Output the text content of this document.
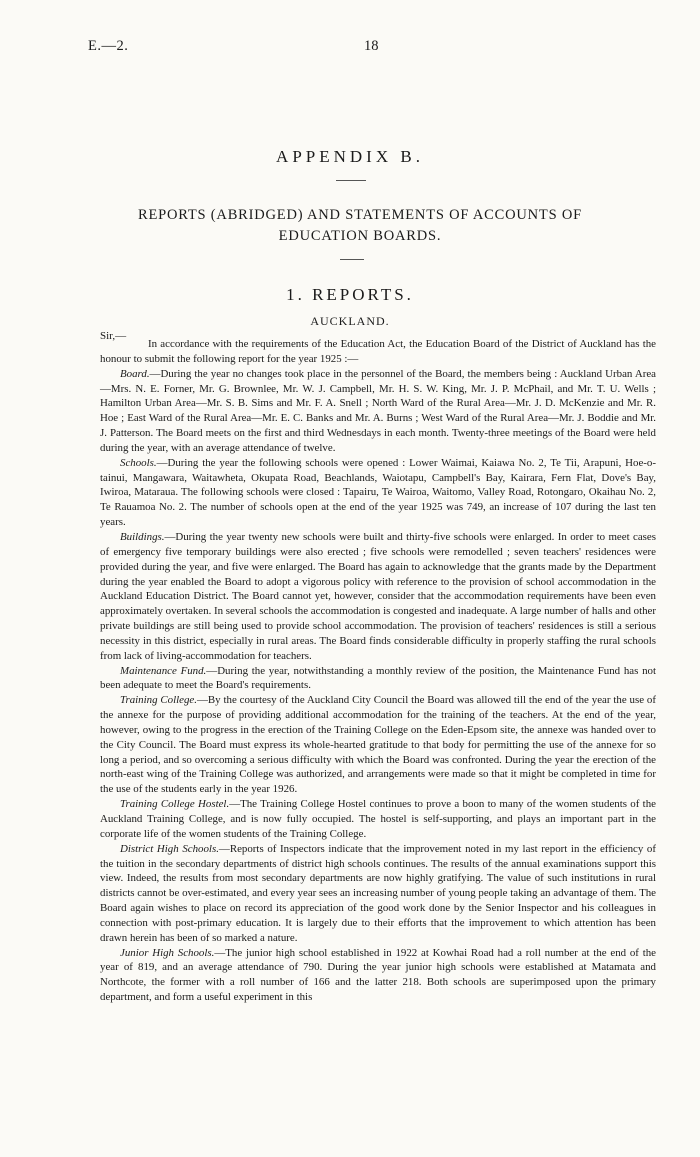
E.—2.	18
APPENDIX B.
REPORTS (ABRIDGED) AND STATEMENTS OF ACCOUNTS OF EDUCATION BOARDS.
1. REPORTS.
AUCKLAND.
Sir,—

In accordance with the requirements of the Education Act, the Education Board of the District of Auckland has the honour to submit the following report for the year 1925 :—

Board.—During the year no changes took place in the personnel of the Board, the members being : Auckland Urban Area—Mrs. N. E. Forner, Mr. G. Brownlee, Mr. W. J. Campbell, Mr. H. S. W. King, Mr. J. P. McPhail, and Mr. T. U. Wells ; Hamilton Urban Area—Mr. S. B. Sims and Mr. F. A. Snell ; North Ward of the Rural Area—Mr. J. D. McKenzie and Mr. R. Hoe ; East Ward of the Rural Area—Mr. E. C. Banks and Mr. A. Burns ; West Ward of the Rural Area—Mr. J. Boddie and Mr. J. Patterson. The Board meets on the first and third Wednesdays in each month. Twenty-three meetings of the Board were held during the year, with an average attendance of twelve.

Schools.—During the year the following schools were opened : Lower Waimai, Kaiawa No. 2, Te Tii, Arapuni, Hoe-o-tainui, Mangawara, Waitawheta, Okupata Road, Beachlands, Waiotapu, Campbell's Bay, Kairara, Fern Flat, Dove's Bay, Iwiroa, Mataraua. The following schools were closed : Tapairu, Te Wairoa, Waitomo, Valley Road, Rotongaro, Okaihau No. 2, Te Rauamoa No. 2. The number of schools open at the end of the year 1925 was 749, an increase of 107 during the last ten years.

Buildings.—During the year twenty new schools were built and thirty-five schools were enlarged. In order to meet cases of emergency five temporary buildings were also erected ; five schools were remodelled ; seven teachers' residences were provided during the year, and five were enlarged. The Board has again to acknowledge that the grants made by the Department during the year enabled the Board to adopt a vigorous policy with reference to the provision of school accommodation in the Auckland Education District. The Board cannot yet, however, consider that the accommodation requirements have been even approximately overtaken. In several schools the accommodation is congested and inadequate. A large number of halls and other private buildings are still being used to provide school accommodation. The provision of teachers' residences is still a serious necessity in this district, especially in rural areas. The Board finds considerable difficulty in properly staffing the rural schools from lack of living-accommodation for teachers.

Maintenance Fund.—During the year, notwithstanding a monthly review of the position, the Maintenance Fund has not been adequate to meet the Board's requirements.

Training College.—By the courtesy of the Auckland City Council the Board was allowed till the end of the year the use of the annexe for the purpose of providing additional accommodation for the training of the teachers. At the end of the year, however, owing to the progress in the erection of the Training College on the Eden-Epsom site, the annexe was handed over to the City Council. The Board must express its whole-hearted gratitude to that body for permitting the use of the annexe for so long a period, and so overcoming a serious difficulty with which the Board was confronted. During the year the erection of the north-east wing of the Training College was authorized, and arrangements were made so that it might be completed in time for the use of the students early in the year 1926.

Training College Hostel.—The Training College Hostel continues to prove a boon to many of the women students of the Auckland Training College, and is now fully occupied. The hostel is self-supporting, and plays an important part in the corporate life of the women students of the Training College.

District High Schools.—Reports of Inspectors indicate that the improvement noted in my last report in the efficiency of the tuition in the secondary departments of district high schools continues. The results of the annual examinations support this view. Indeed, the results from most secondary departments are now highly gratifying. The value of such institutions in rural districts cannot be over-estimated, and every year sees an increasing number of young people taking an advantage of them. The Board again wishes to place on record its appreciation of the good work done by the Senior Inspector and his colleagues in connection with post-primary education. It is largely due to their efforts that the improvement to which attention has been drawn herein has been of so marked a nature.

Junior High Schools.—The junior high school established in 1922 at Kowhai Road had a roll number at the end of the year of 819, and an average attendance of 790. During the year junior high schools were established at Matamata and Northcote, the former with a roll number of 166 and the latter 218. Both schools are superimposed upon the primary department, and form a useful experiment in this
